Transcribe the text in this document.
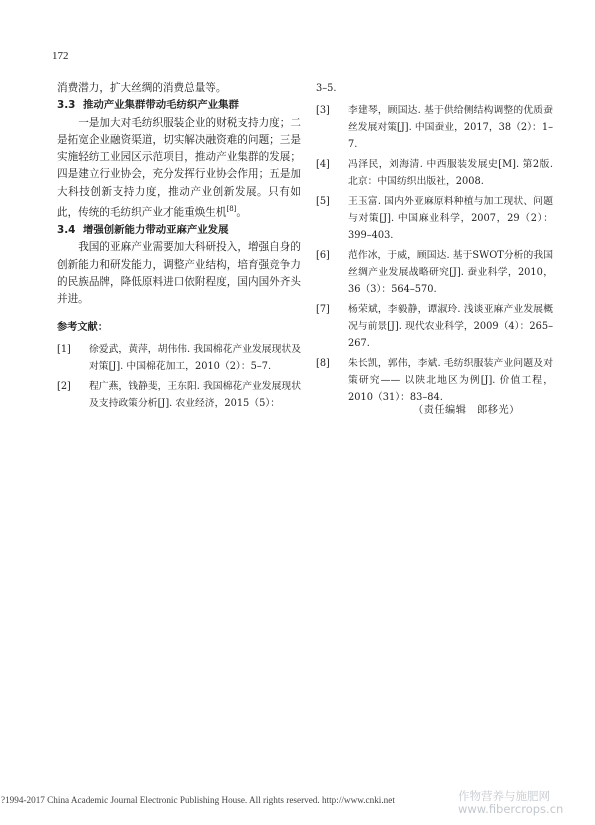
172

消费潜力，扩大丝绸的消费总量等。

3.3 推动产业集群带动毛纺织产业集群

一是加大对毛纺织服装企业的财税支持力度；二是拓宽企业融资渠道，切实解决融资难的问题；三是实施轻纺工业园区示范项目，推动产业集群的发展；四是建立行业协会，充分发挥行业协会作用；五是加大科技创新支持力度，推动产业创新发展。只有如此，传统的毛纺织产业才能重焕生机[8]。

3.4 增强创新能力带动亚麻产业发展

我国的亚麻产业需要加大科研投入，增强自身的创新能力和研发能力，调整产业结构，培育强竞争力的民族品牌，降低原料进口依附程度，国内国外齐头并进。

参考文献：

[1] 徐爱武，黄萍，胡伟伟. 我国棉花产业发展现状及对策[J]. 中国棉花加工，2010（2）：5–7.
[2] 程广燕，钱静斐，王东阳. 我国棉花产业发展现状及支持政策分析[J]. 农业经济，2015（5）：

3–5.

[3] 李建琴，顾国达. 基于供给侧结构调整的优质蚕丝发展对策[J]. 中国蚕业，2017，38（2）：1–7.
[4] 冯泽民，刘海清. 中西服装发展史[M]. 第2版.北京：中国纺织出版社，2008.
[5] 王玉富. 国内外亚麻原料种植与加工现状、问题与对策[J]. 中国麻业科学，2007，29（2）：399–403.
[6] 范作冰，于威，顾国达. 基于SWOT分析的我国丝绸产业发展战略研究[J]. 蚕业科学，2010，36（3）：564–570.
[7] 杨荣斌，李毅静，谭淑玲. 浅谈亚麻产业发展概况与前景[J]. 现代农业科学，2009（4）：265–267.
[8] 朱长凯，郭伟，李斌. 毛纺织服装产业问题及对策研究—— 以陕北地区为例[J]. 价值工程，2010（31）：83–84.
（责任编辑　郎移光）
?1994-2017 China Academic Journal Electronic Publishing House. All rights reserved. http://www.cnki.net	作物营养与施肥网
www.fibercrops.cn
